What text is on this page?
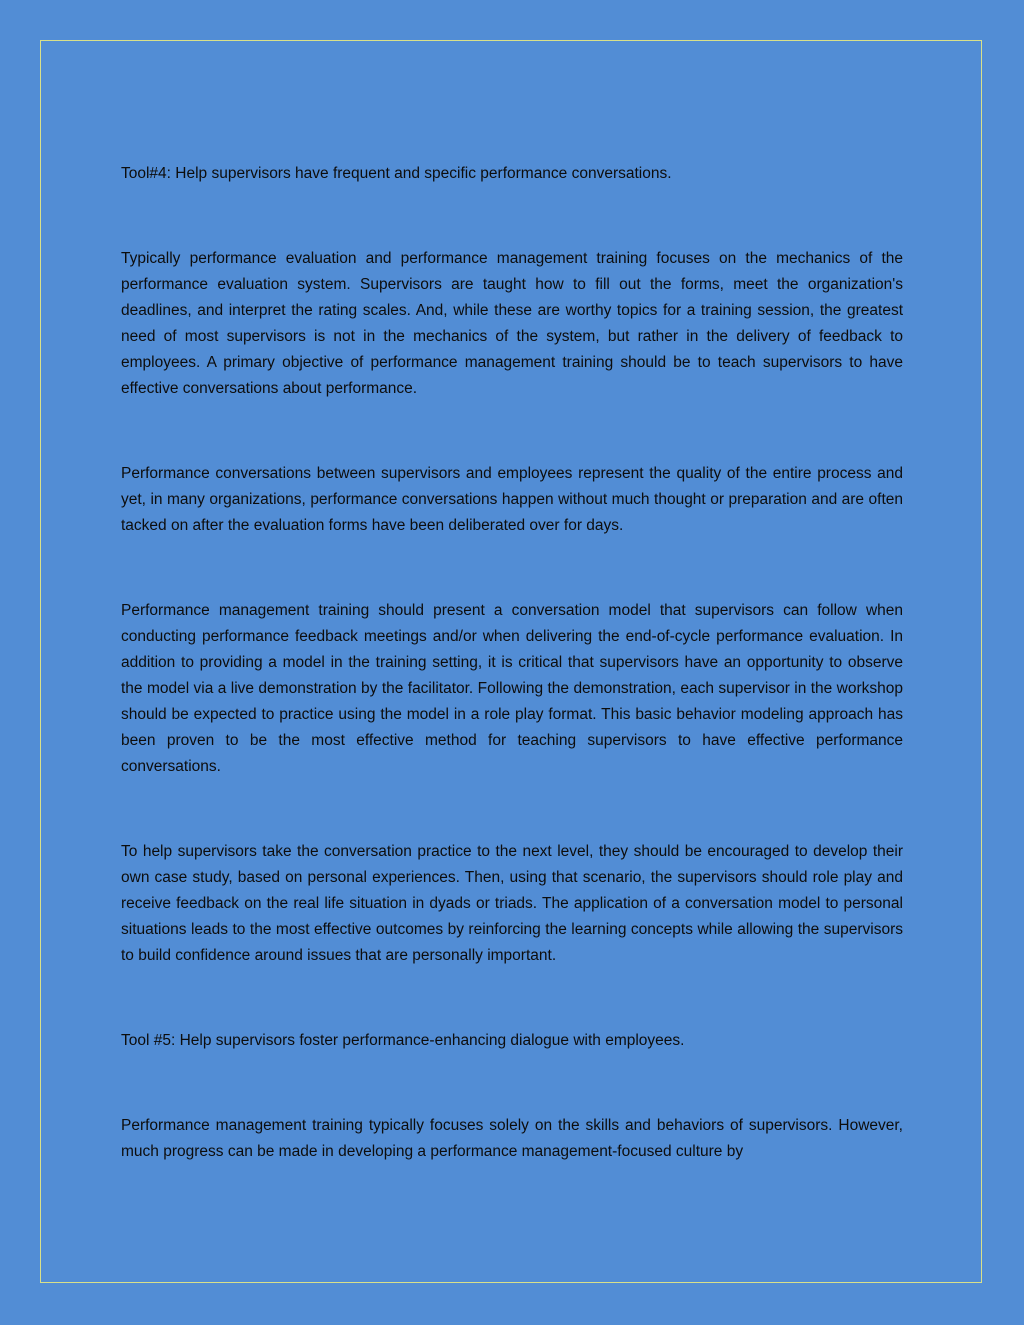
Tool#4: Help supervisors have frequent and specific performance conversations.

Typically performance evaluation and performance management training focuses on the mechanics of the performance evaluation system. Supervisors are taught how to fill out the forms, meet the organization's deadlines, and interpret the rating scales. And, while these are worthy topics for a training session, the greatest need of most supervisors is not in the mechanics of the system, but rather in the delivery of feedback to employees. A primary objective of performance management training should be to teach supervisors to have effective conversations about performance.

Performance conversations between supervisors and employees represent the quality of the entire process and yet, in many organizations, performance conversations happen without much thought or preparation and are often tacked on after the evaluation forms have been deliberated over for days.

Performance management training should present a conversation model that supervisors can follow when conducting performance feedback meetings and/or when delivering the end-of-cycle performance evaluation. In addition to providing a model in the training setting, it is critical that supervisors have an opportunity to observe the model via a live demonstration by the facilitator. Following the demonstration, each supervisor in the workshop should be expected to practice using the model in a role play format. This basic behavior modeling approach has been proven to be the most effective method for teaching supervisors to have effective performance conversations.

To help supervisors take the conversation practice to the next level, they should be encouraged to develop their own case study, based on personal experiences. Then, using that scenario, the supervisors should role play and receive feedback on the real life situation in dyads or triads. The application of a conversation model to personal situations leads to the most effective outcomes by reinforcing the learning concepts while allowing the supervisors to build confidence around issues that are personally important.

Tool #5: Help supervisors foster performance-enhancing dialogue with employees.

Performance management training typically focuses solely on the skills and behaviors of supervisors. However, much progress can be made in developing a performance management-focused culture by
